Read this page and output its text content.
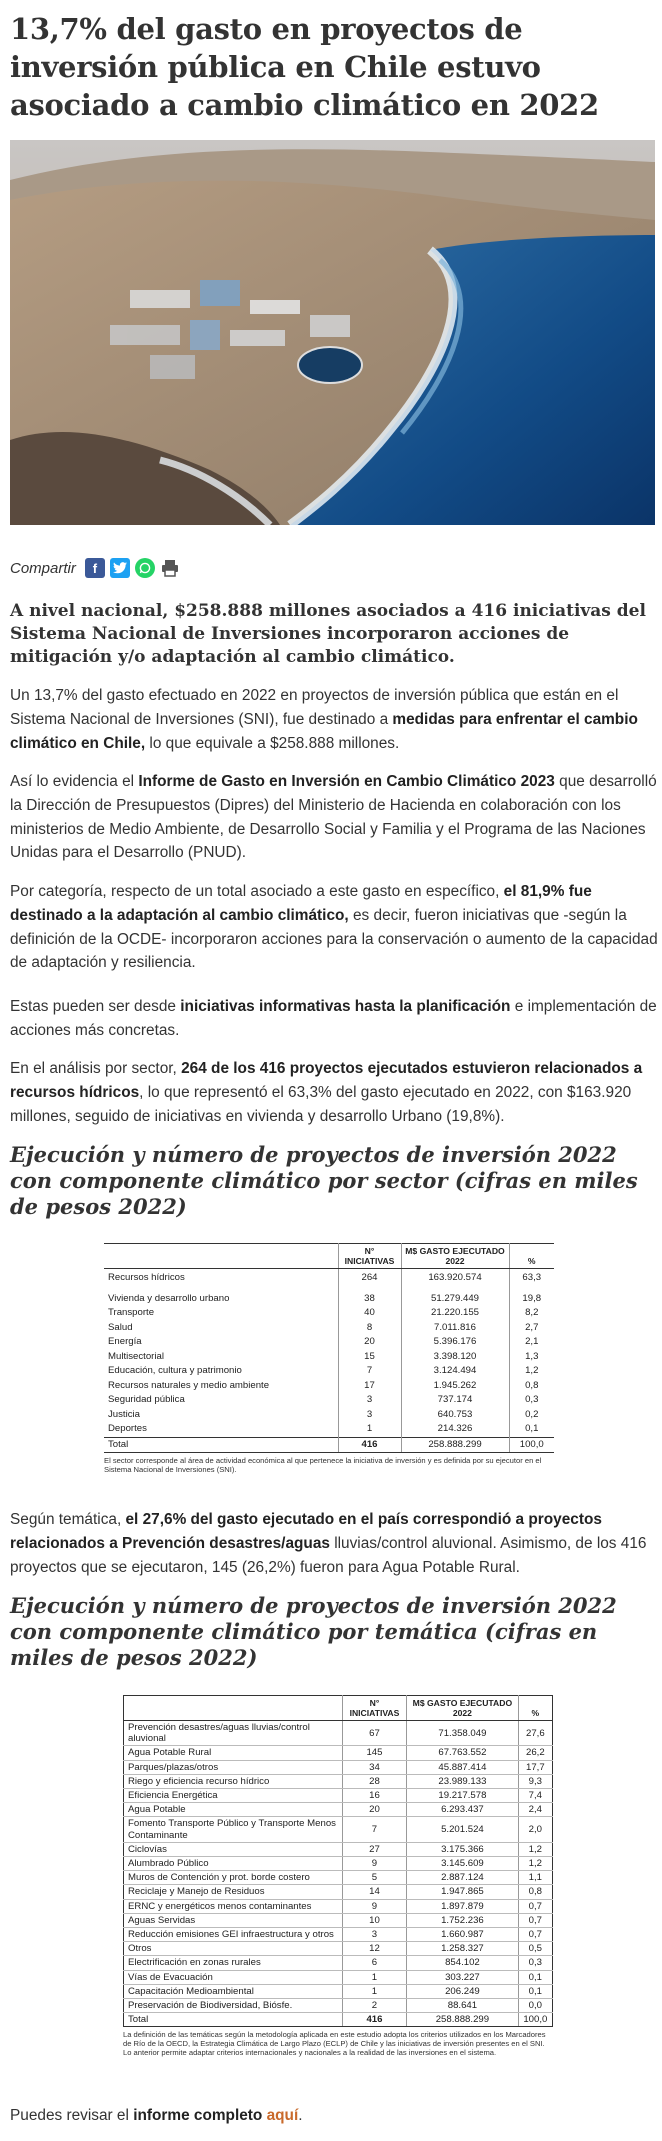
13,7% del gasto en proyectos de inversión pública en Chile estuvo asociado a cambio climático en 2022
Compartir	f

A nivel nacional, $258.888 millones asociados a 416 iniciativas del Sistema Nacional de Inversiones incorporaron acciones de mitigación y/o adaptación al cambio climático.

Un 13,7% del gasto efectuado en 2022 en proyectos de inversión pública que están en el Sistema Nacional de Inversiones (SNI), fue destinado a medidas para enfrentar el cambio climático en Chile, lo que equivale a $258.888 millones.

Así lo evidencia el Informe de Gasto en Inversión en Cambio Climático 2023 que desarrolló la Dirección de Presupuestos (Dipres) del Ministerio de Hacienda en colaboración con los ministerios de Medio Ambiente, de Desarrollo Social y Familia y el Programa de las Naciones Unidas para el Desarrollo (PNUD).

Por categoría, respecto de un total asociado a este gasto en específico, el 81,9% fue destinado a la adaptación al cambio climático, es decir, fueron iniciativas que -según la definición de la OCDE- incorporaron acciones para la conservación o aumento de la capacidad de adaptación y resiliencia.

Estas pueden ser desde iniciativas informativas hasta la planificación e implementación de acciones más concretas.

En el análisis por sector, 264 de los 416 proyectos ejecutados estuvieron relacionados a recursos hídricos, lo que representó el 63,3% del gasto ejecutado en 2022, con $163.920 millones, seguido de iniciativas en vivienda y desarrollo Urbano (19,8%).

Ejecución y número de proyectos de inversión 2022 con componente climático por sector (cifras en miles de pesos 2022)
	N° INICIATIVAS	M$ GASTO EJECUTADO 2022	%
Recursos hídricos	264	163.920.574	63,3

Vivienda y desarrollo urbano	38	51.279.449	19,8
Transporte	40	21.220.155	8,2
Salud	8	7.011.816	2,7
Energía	20	5.396.176	2,1
Multisectorial	15	3.398.120	1,3
Educación, cultura y patrimonio	7	3.124.494	1,2
Recursos naturales y medio ambiente	17	1.945.262	0,8
Seguridad pública	3	737.174	0,3
Justicia	3	640.753	0,2
Deportes	1	214.326	0,1
Total	416	258.888.299	100,0
El sector corresponde al área de actividad económica al que pertenece la iniciativa de inversión y es definida por su ejecutor en el Sistema Nacional de Inversiones (SNI).

Según temática, el 27,6% del gasto ejecutado en el país correspondió a proyectos relacionados a Prevención desastres/aguas lluvias/control aluvional. Asimismo, de los 416 proyectos que se ejecutaron, 145 (26,2%) fueron para Agua Potable Rural.

Ejecución y número de proyectos de inversión 2022 con componente climático por temática (cifras en miles de pesos 2022)
	N° INICIATIVAS	M$ GASTO EJECUTADO 2022	%
Prevención desastres/aguas lluvias/control aluvional	67	71.358.049	27,6
Agua Potable Rural	145	67.763.552	26,2
Parques/plazas/otros	34	45.887.414	17,7
Riego y eficiencia recurso hídrico	28	23.989.133	9,3
Eficiencia Energética	16	19.217.578	7,4
Agua Potable	20	6.293.437	2,4
Fomento Transporte Público y Transporte Menos Contaminante	7	5.201.524	2,0
Ciclovías	27	3.175.366	1,2
Alumbrado Público	9	3.145.609	1,2
Muros de Contención y prot. borde costero	5	2.887.124	1,1
Reciclaje y Manejo de Residuos	14	1.947.865	0,8
ERNC y energéticos menos contaminantes	9	1.897.879	0,7
Aguas Servidas	10	1.752.236	0,7
Reducción emisiones GEI infraestructura y otros	3	1.660.987	0,7
Otros	12	1.258.327	0,5
Electrificación en zonas rurales	6	854.102	0,3
Vías de Evacuación	1	303.227	0,1
Capacitación Medioambiental	1	206.249	0,1
Preservación de Biodiversidad, Biósfe.	2	88.641	0,0
Total	416	258.888.299	100,0
La definición de las temáticas según la metodología aplicada en este estudio adopta los criterios utilizados en los Marcadores de Río de la OECD, la Estrategia Climática de Largo Plazo (ECLP) de Chile y las iniciativas de inversión presentes en el SNI. Lo anterior permite adaptar criterios internacionales y nacionales a la realidad de las inversiones en el sistema.

Puedes revisar el informe completo aquí.
